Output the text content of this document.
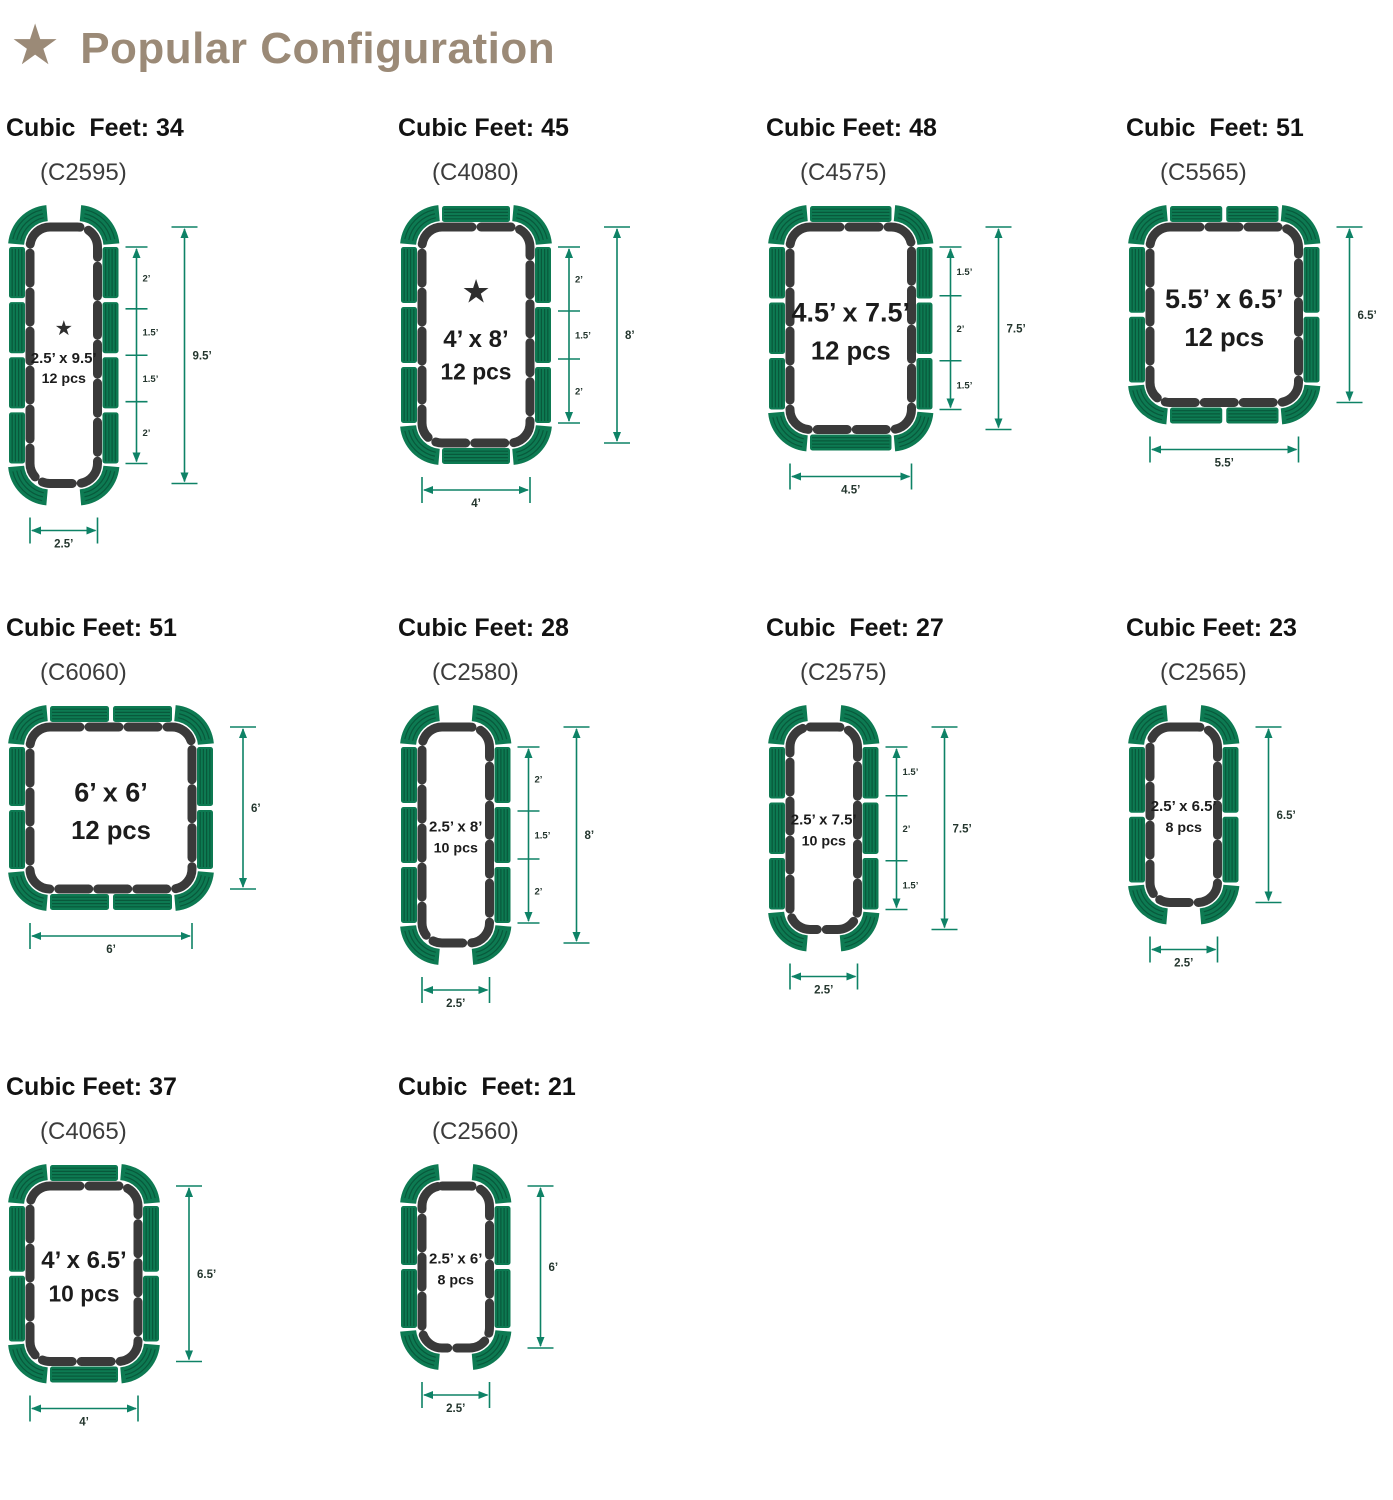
★ Popular Configuration
Cubic  Feet: 34
(C2595)
9.5’
2’
1.5’
1.5’
2’
2.5’
★
2.5’ x 9.5’
12 pcs
Cubic Feet: 45
(C4080)
8’
2’
1.5’
2’
4’
★
4’ x 8’
12 pcs
Cubic Feet: 48
(C4575)
7.5’
1.5’
2’
1.5’
4.5’
4.5’ x 7.5’
12 pcs
Cubic  Feet: 51
(C5565)
6.5’
5.5’
5.5’ x 6.5’
12 pcs
Cubic Feet: 51
(C6060)
6’
6’
6’ x 6’
12 pcs
Cubic Feet: 28
(C2580)
8’
2’
1.5’
2’
2.5’
2.5’ x 8’
10 pcs
Cubic  Feet: 27
(C2575)
7.5’
1.5’
2’
1.5’
2.5’
2.5’ x 7.5’
10 pcs
Cubic Feet: 23
(C2565)
6.5’
2.5’
2.5’ x 6.5’
8 pcs
Cubic Feet: 37
(C4065)
6.5’
4’
4’ x 6.5’
10 pcs
Cubic  Feet: 21
(C2560)
6’
2.5’
2.5’ x 6’
8 pcs
